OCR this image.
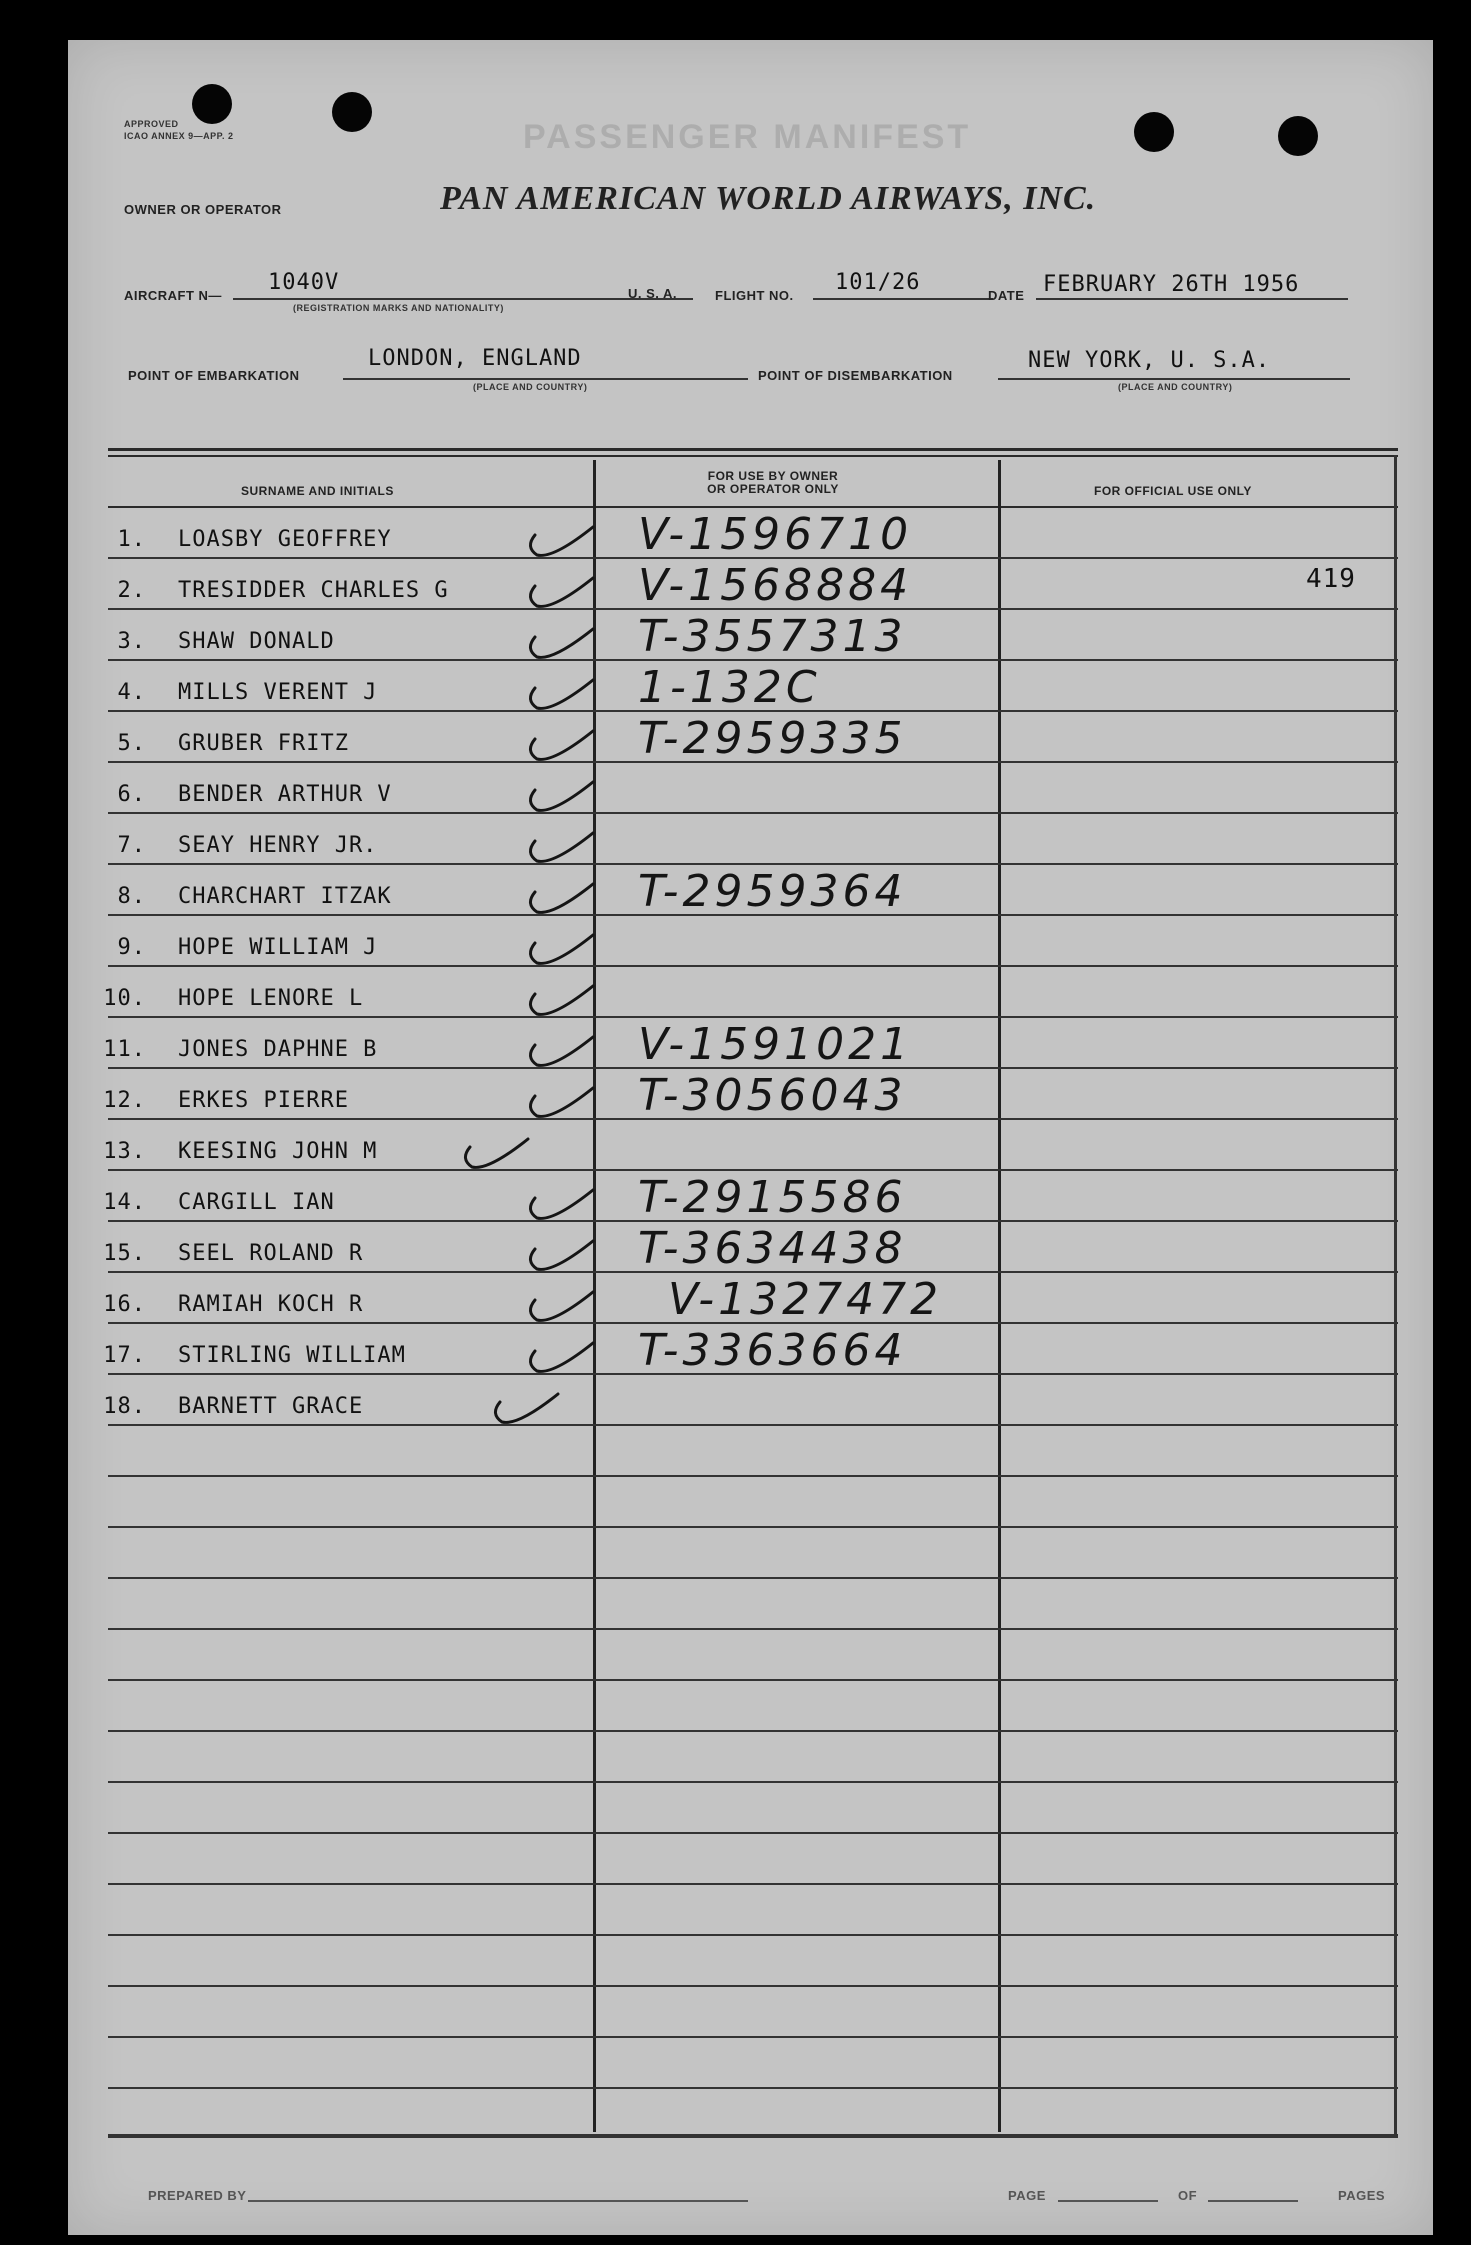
APPROVED
ICAO ANNEX 9—APP. 2	PASSENGER MANIFEST
OWNER OR OPERATOR	PAN AMERICAN WORLD AIRWAYS, INC.
AIRCRAFT N—
1040V
(REGISTRATION MARKS AND NATIONALITY)
U. S. A.	FLIGHT NO.
101/26
DATE FEBRUARY 26TH 1956
POINT OF EMBARKATION
LONDON, ENGLAND
(PLACE AND COUNTRY)
POINT OF DISEMBARKATION
NEW YORK, U. S.A.
(PLACE AND COUNTRY)
SURNAME AND INITIALS
FOR USE BY OWNER
OR OPERATOR ONLY	FOR OFFICIAL USE ONLY
1. LOASBY GEOFFREY	V-1596710
2. TRESIDDER CHARLES G	V-1568884	419
3. SHAW DONALD	T-3557313
4. MILLS VERENT J	1-132C
5. GRUBER FRITZ	T-2959335
6. BENDER ARTHUR V
7. SEAY HENRY JR.
8. CHARCHART ITZAK	T-2959364
9. HOPE WILLIAM J
10. HOPE LENORE L
11. JONES DAPHNE B	V-1591021
12. ERKES PIERRE	T-3056043
13. KEESING JOHN M
14. CARGILL IAN	T-2915586
15. SEEL ROLAND R	T-3634438
16. RAMIAH KOCH R	V-1327472
17. STIRLING WILLIAM	T-3363664
18. BARNETT GRACE
PREPARED BY	PAGE	OF	PAGES
